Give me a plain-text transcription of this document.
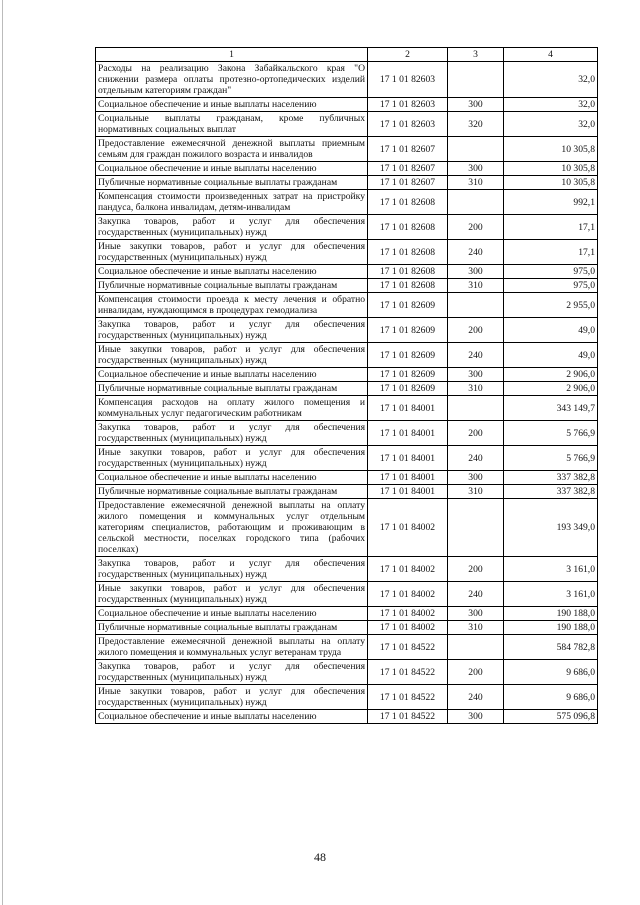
1	2	3	4
Расходы на реализацию Закона Забайкальского края "О снижении размера оплаты протезно-ортопедических изделий отдельным категориям граждан"	17 1 01 82603		32,0
Социальное обеспечение и иные выплаты населению	17 1 01 82603	300	32,0
Социальные выплаты гражданам, кроме публичных нормативных социальных выплат	17 1 01 82603	320	32,0
Предоставление ежемесячной денежной выплаты приемным семьям для граждан пожилого возраста и инвалидов	17 1 01 82607		10 305,8
Социальное обеспечение и иные выплаты населению	17 1 01 82607	300	10 305,8
Публичные нормативные социальные выплаты гражданам	17 1 01 82607	310	10 305,8
Компенсация стоимости произведенных затрат на пристройку пандуса, балкона инвалидам, детям-инвалидам	17 1 01 82608		992,1
Закупка товаров, работ и услуг для обеспечения государственных (муниципальных) нужд	17 1 01 82608	200	17,1
Иные закупки товаров, работ и услуг для обеспечения государственных (муниципальных) нужд	17 1 01 82608	240	17,1
Социальное обеспечение и иные выплаты населению	17 1 01 82608	300	975,0
Публичные нормативные социальные выплаты гражданам	17 1 01 82608	310	975,0
Компенсация стоимости проезда к месту лечения и обратно инвалидам, нуждающимся в процедурах гемодиализа	17 1 01 82609		2 955,0
Закупка товаров, работ и услуг для обеспечения государственных (муниципальных) нужд	17 1 01 82609	200	49,0
Иные закупки товаров, работ и услуг для обеспечения государственных (муниципальных) нужд	17 1 01 82609	240	49,0
Социальное обеспечение и иные выплаты населению	17 1 01 82609	300	2 906,0
Публичные нормативные социальные выплаты гражданам	17 1 01 82609	310	2 906,0
Компенсация расходов на оплату жилого помещения и коммунальных услуг педагогическим работникам	17 1 01 84001		343 149,7
Закупка товаров, работ и услуг для обеспечения государственных (муниципальных) нужд	17 1 01 84001	200	5 766,9
Иные закупки товаров, работ и услуг для обеспечения государственных (муниципальных) нужд	17 1 01 84001	240	5 766,9
Социальное обеспечение и иные выплаты населению	17 1 01 84001	300	337 382,8
Публичные нормативные социальные выплаты гражданам	17 1 01 84001	310	337 382,8
Предоставление ежемесячной денежной выплаты на оплату жилого помещения и коммунальных услуг отдельным категориям специалистов, работающим и проживающим в сельской местности, поселках городского типа (рабочих поселках)	17 1 01 84002		193 349,0
Закупка товаров, работ и услуг для обеспечения государственных (муниципальных) нужд	17 1 01 84002	200	3 161,0
Иные закупки товаров, работ и услуг для обеспечения государственных (муниципальных) нужд	17 1 01 84002	240	3 161,0
Социальное обеспечение и иные выплаты населению	17 1 01 84002	300	190 188,0
Публичные нормативные социальные выплаты гражданам	17 1 01 84002	310	190 188,0
Предоставление ежемесячной денежной выплаты на оплату жилого помещения и коммунальных услуг ветеранам труда	17 1 01 84522		584 782,8
Закупка товаров, работ и услуг для обеспечения государственных (муниципальных) нужд	17 1 01 84522	200	9 686,0
Иные закупки товаров, работ и услуг для обеспечения государственных (муниципальных) нужд	17 1 01 84522	240	9 686,0
Социальное обеспечение и иные выплаты населению	17 1 01 84522	300	575 096,8
48
